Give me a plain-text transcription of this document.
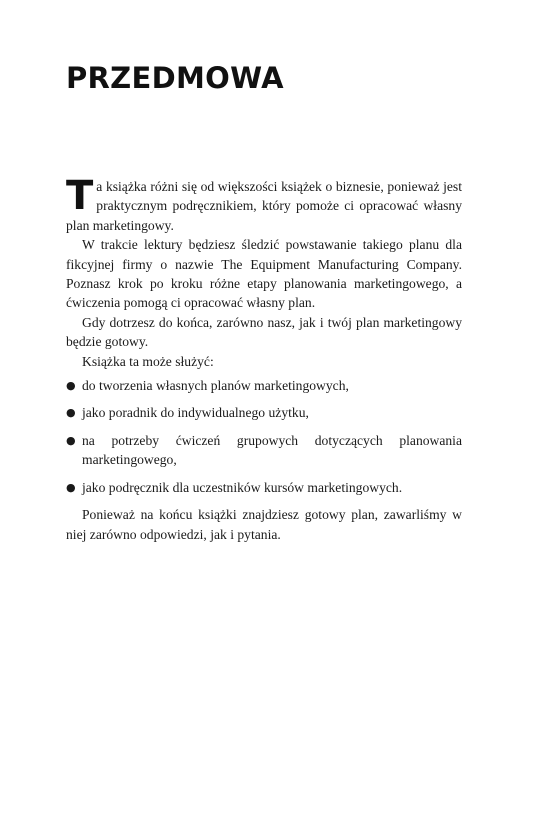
PRZEDMOWA

Ta książka różni się od większości książek o biznesie, ponieważ jest praktycznym podręcznikiem, który pomoże ci opracować własny plan marketingowy.

W trakcie lektury będziesz śledzić powstawanie takiego planu dla fikcyjnej firmy o nazwie The Equipment Manufacturing Company. Poznasz krok po kroku różne etapy planowania marketingowego, a ćwiczenia pomogą ci opracować własny plan.

Gdy dotrzesz do końca, zarówno nasz, jak i twój plan marketingowy będzie gotowy.

Książka ta może służyć:

● do tworzenia własnych planów marketingowych,
● jako poradnik do indywidualnego użytku,
● na potrzeby ćwiczeń grupowych dotyczących planowania marketingowego,
● jako podręcznik dla uczestników kursów marketingowych.

Ponieważ na końcu książki znajdziesz gotowy plan, zawarliśmy w niej zarówno odpowiedzi, jak i pytania.
